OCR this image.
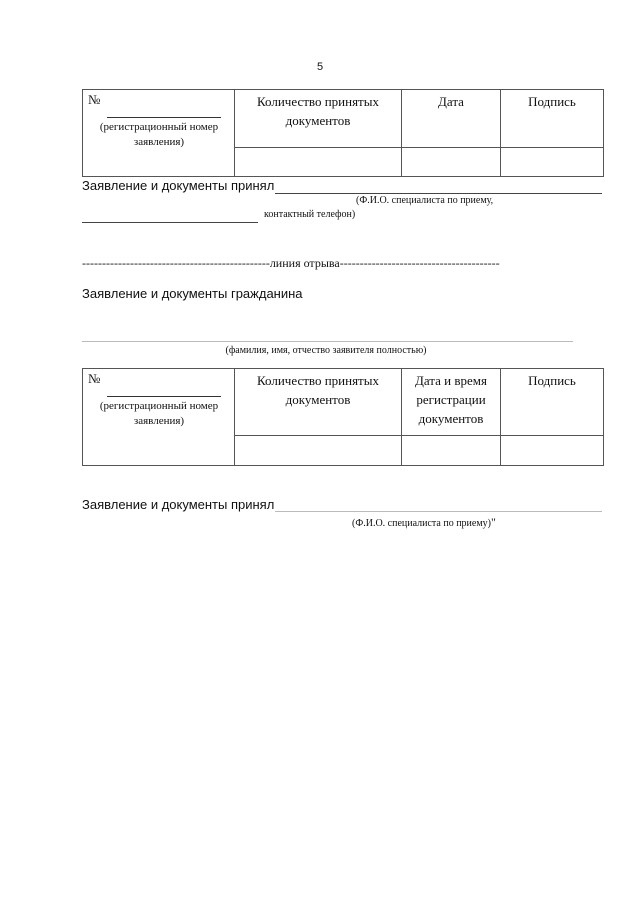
5
№
(регистрационный номер заявления)	Количество принятых документов	Дата	Подпись

Заявление и документы принял
(Ф.И.О. специалиста по приему,
контактный телефон)
-----------------------------------------------линия отрыва----------------------------------------
Заявление и документы гражданина
(фамилия, имя, отчество заявителя полностью)
№
(регистрационный номер заявления)	Количество принятых документов	Дата и время регистрации документов	Подпись

Заявление и документы принял
(Ф.И.О. специалиста по приему)"
